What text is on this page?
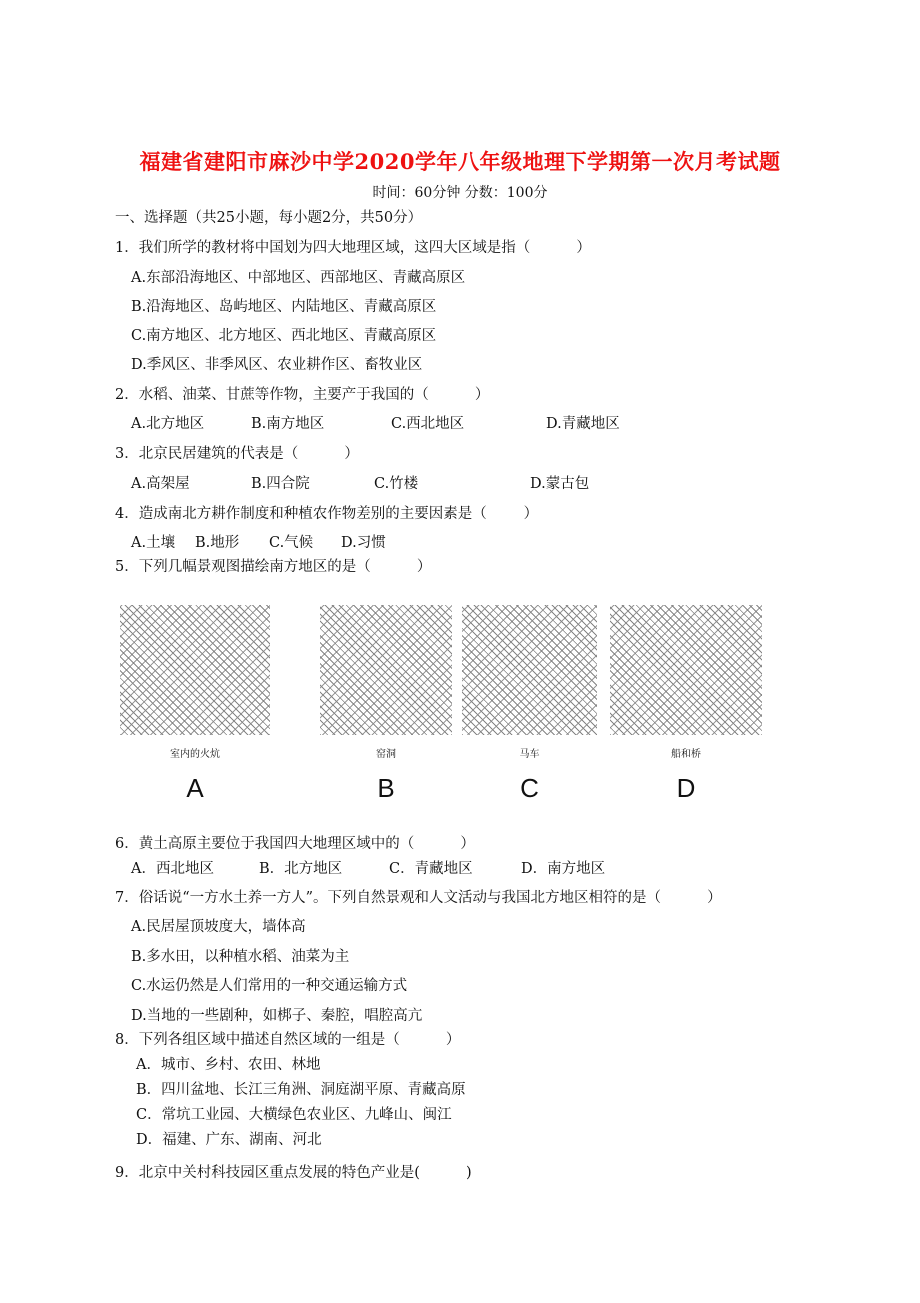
福建省建阳市麻沙中学2020学年八年级地理下学期第一次月考试题
时间：60分钟 分数：100分
一、选择题（共25小题，每小题2分，共50分）
1．我们所学的教材将中国划为四大地理区域，这四大区域是指（          ）
A.东部沿海地区、中部地区、西部地区、青藏高原区
B.沿海地区、岛屿地区、内陆地区、青藏高原区
C.南方地区、北方地区、西北地区、青藏高原区
D.季风区、非季风区、农业耕作区、畜牧业区
2．水稻、油菜、甘蔗等作物，主要产于我国的（          ）

A.北方地区

	B.南方地区

	C.西北地区

	D.青藏地区

3．北京民居建筑的代表是（          ）

A.高架屋

	B.四合院

	C.竹楼

	D.蒙古包

4．造成南北方耕作制度和种植农作物差别的主要因素是（        ）

A.土壤

B.地形

C.气候

D.习惯

5．下列几幅景观图描绘南方地区的是（          ）
室内的火炕
A
窑洞
B
马车
C
船和桥
D
6．黄土高原主要位于我国四大地理区域中的（          ）

A．西北地区

	B．北方地区

	C．青藏地区

	D．南方地区

7．俗话说“一方水土养一方人”。下列自然景观和人文活动与我国北方地区相符的是（          ）
A.民居屋顶坡度大，墙体高
B.多水田，以种植水稻、油菜为主
C.水运仍然是人们常用的一种交通运输方式
D.当地的一些剧种，如梆子、秦腔，唱腔高亢
8．下列各组区域中描述自然区域的一组是（          ）
A．城市、乡村、农田、林地
B．四川盆地、长江三角洲、洞庭湖平原、青藏高原
C．常坑工业园、大横绿色农业区、九峰山、闽江
D．福建、广东、湖南、河北
9．北京中关村科技园区重点发展的特色产业是(          )
